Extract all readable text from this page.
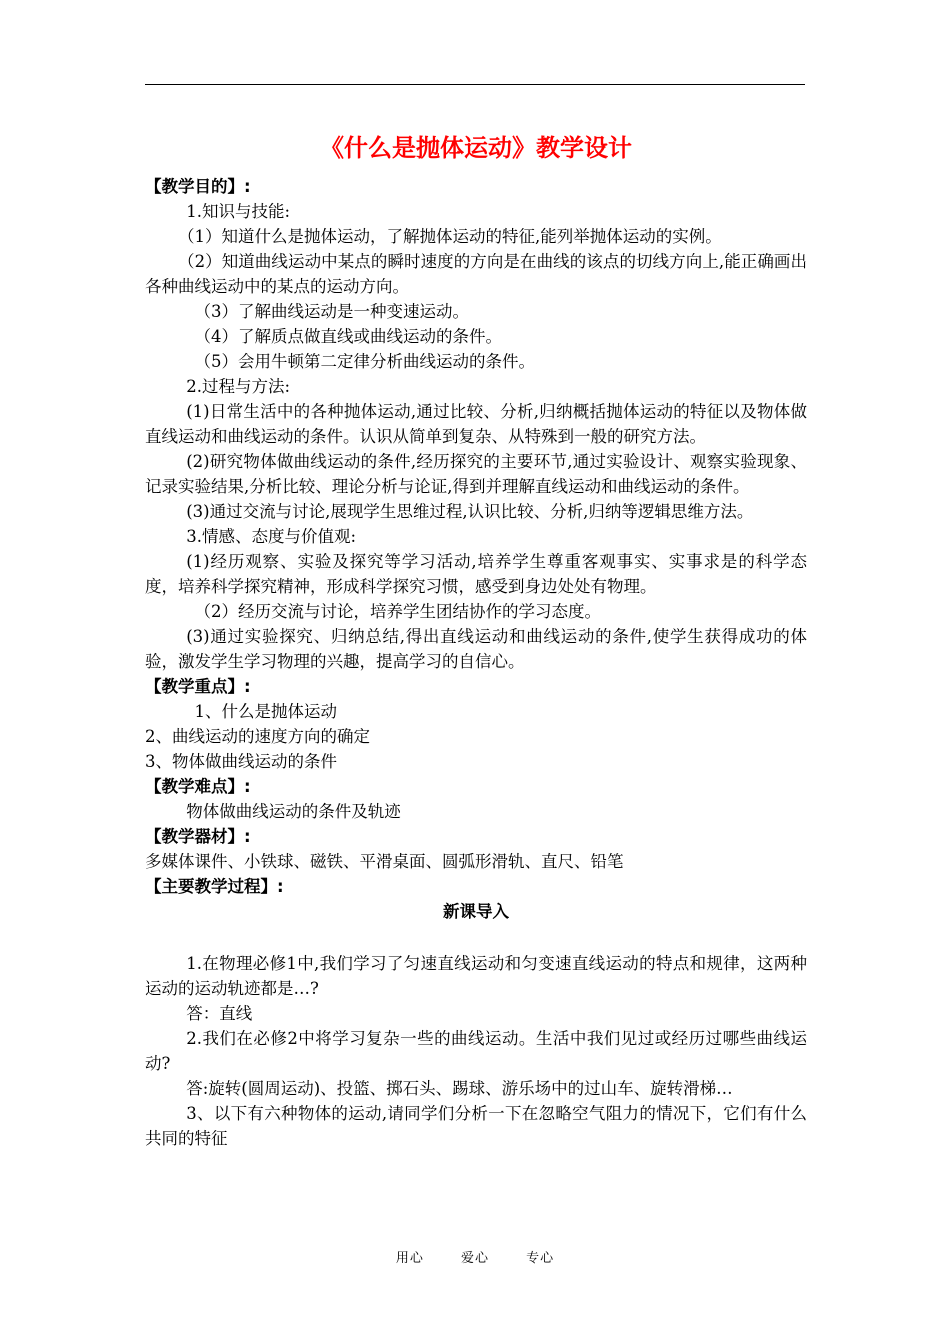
《什么是抛体运动》教学设计
【教学目的】:

1.知识与技能:

（1）知道什么是抛体运动，了解抛体运动的特征,能列举抛体运动的实例。

（2）知道曲线运动中某点的瞬时速度的方向是在曲线的该点的切线方向上,能正确画出各种曲线运动中的某点的运动方向。

（3）了解曲线运动是一种变速运动。

（4）了解质点做直线或曲线运动的条件。

（5）会用牛顿第二定律分析曲线运动的条件。

2.过程与方法:

(1)日常生活中的各种抛体运动,通过比较、分析,归纳概括抛体运动的特征以及物体做直线运动和曲线运动的条件。认识从简单到复杂、从特殊到一般的研究方法。

(2)研究物体做曲线运动的条件,经历探究的主要环节,通过实验设计、观察实验现象、记录实验结果,分析比较、理论分析与论证,得到并理解直线运动和曲线运动的条件。

(3)通过交流与讨论,展现学生思维过程,认识比较、分析,归纳等逻辑思维方法。

3.情感、态度与价值观:

(1)经历观察、实验及探究等学习活动,培养学生尊重客观事实、实事求是的科学态度，培养科学探究精神，形成科学探究习惯，感受到身边处处有物理。

（2）经历交流与讨论，培养学生团结协作的学习态度。

(3)通过实验探究、归纳总结,得出直线运动和曲线运动的条件,使学生获得成功的体验，激发学生学习物理的兴趣，提高学习的自信心。

【教学重点】:

1、什么是抛体运动

2、曲线运动的速度方向的确定

3、物体做曲线运动的条件

【教学难点】:

物体做曲线运动的条件及轨迹

【教学器材】:

多媒体课件、小铁球、磁铁、平滑桌面、圆弧形滑轨、直尺、铅笔

【主要教学过程】:
新课导入

1.在物理必修1中,我们学习了匀速直线运动和匀变速直线运动的特点和规律，这两种运动的运动轨迹都是…?

答：直线

2.我们在必修2中将学习复杂一些的曲线运动。生活中我们见过或经历过哪些曲线运动?

答:旋转(圆周运动)、投篮、掷石头、踢球、游乐场中的过山车、旋转滑梯…

3、以下有六种物体的运动,请同学们分析一下在忽略空气阻力的情况下，它们有什么共同的特征

用心	爱心	专心
